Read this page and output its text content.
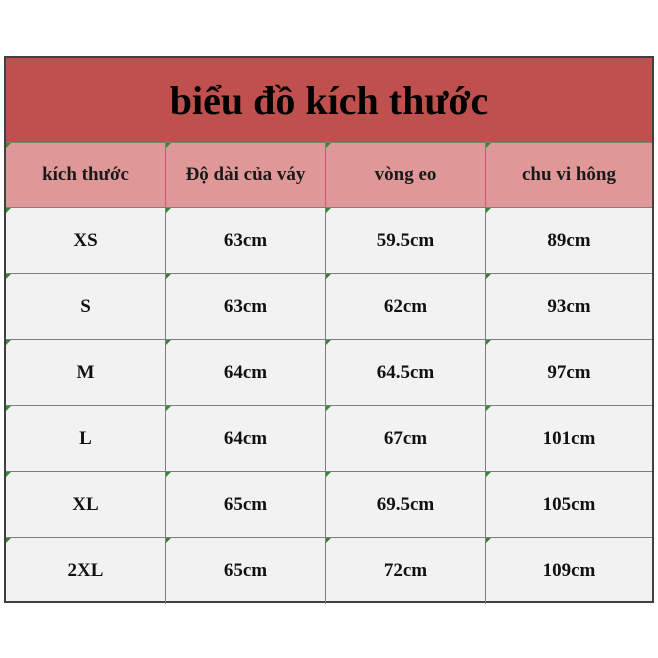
biểu đồ kích thước
kích thước	Độ dài của váy	vòng eo	chu vi hông
XS	63cm	59.5cm	89cm
S	63cm	62cm	93cm
M	64cm	64.5cm	97cm
L	64cm	67cm	101cm
XL	65cm	69.5cm	105cm
2XL	65cm	72cm	109cm
